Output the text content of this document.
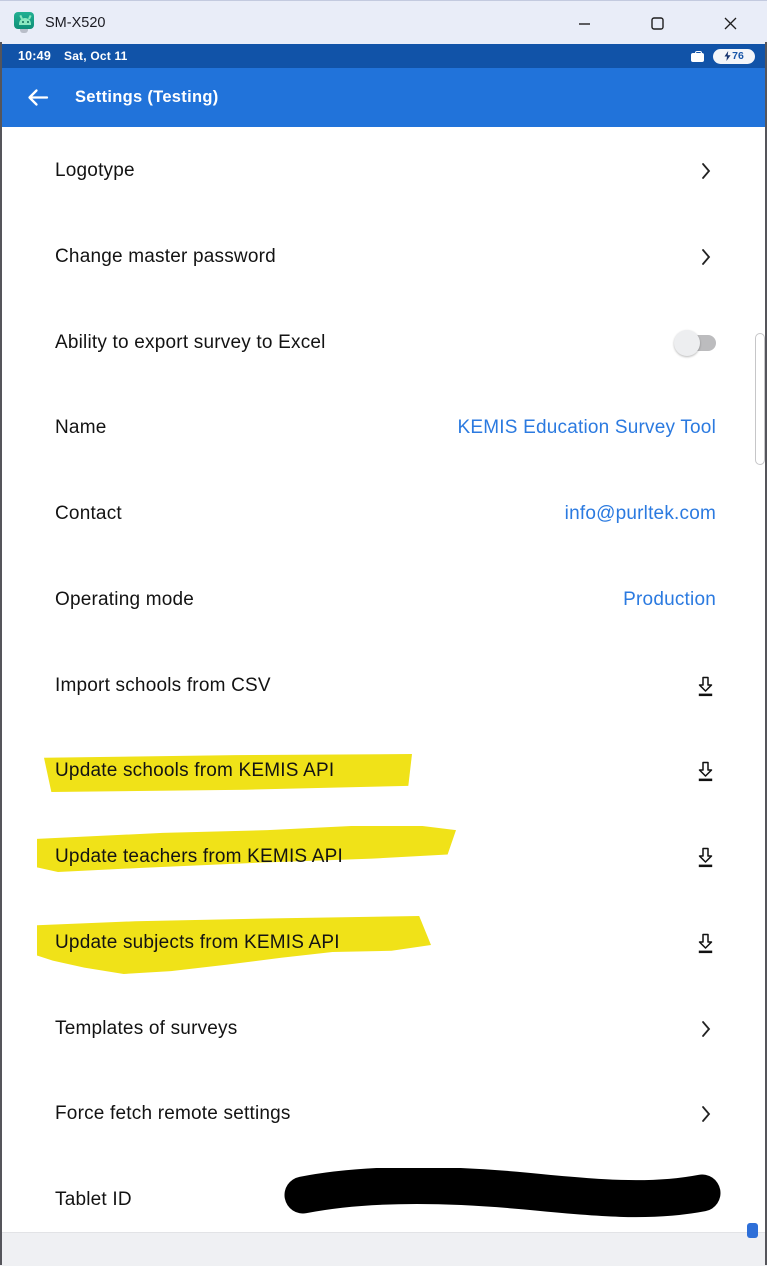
SM-X520
10:49 Sat, Oct 11	76
Settings (Testing)
Logotype
Change master password
Ability to export survey to Excel
Name	KEMIS Education Survey Tool
Contact	info@purltek.com
Operating mode	Production
Import schools from CSV
Update schools from KEMIS API
Update teachers from KEMIS API
Update subjects from KEMIS API
Templates of surveys
Force fetch remote settings
Tablet ID
